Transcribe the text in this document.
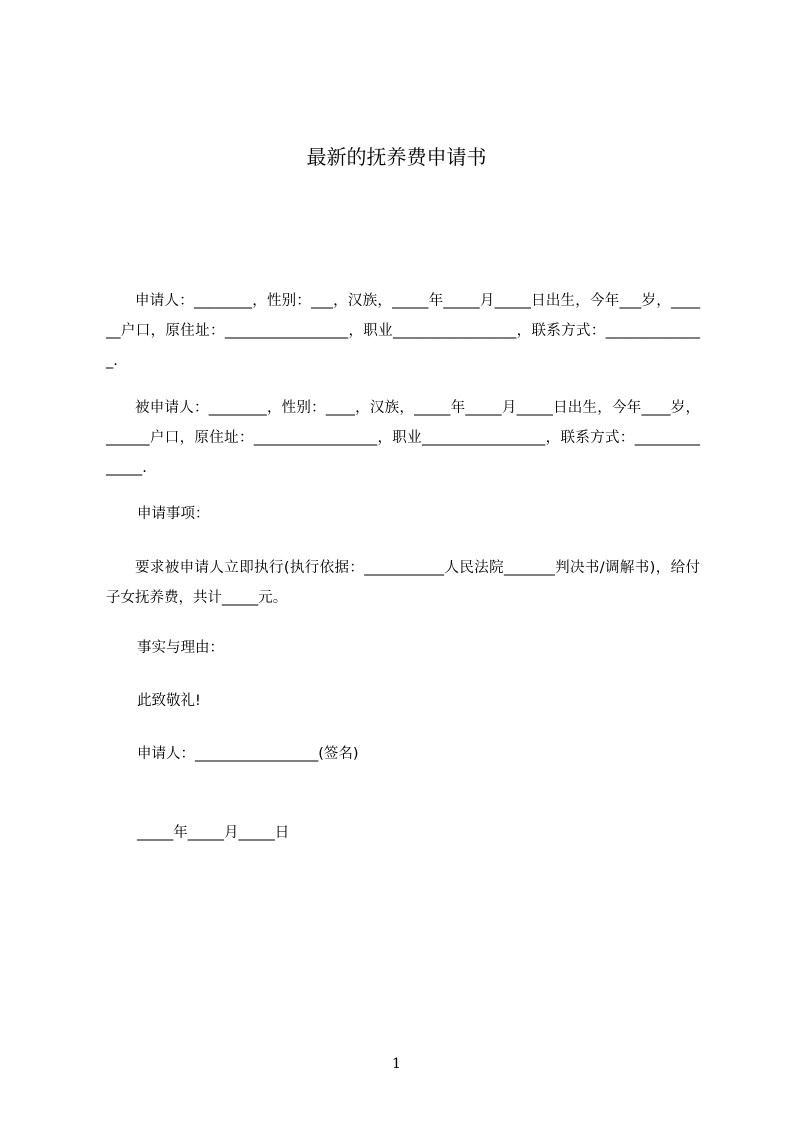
最新的抚养费申请书

申请人：________，性别：___，汉族，_____年_____月_____日出生，今年___岁，______户口，原住址：_________________，职业_________________，联系方式：______________.

被申请人：________，性别：____，汉族，_____年_____月_____日出生，今年____岁，______户口，原住址：_________________，职业_________________，联系方式：______________.

申请事项：

要求被申请人立即执行(执行依据：___________人民法院_______判决书/调解书)，给付子女抚养费，共计_____元。

事实与理由：

此致敬礼!

申请人：_________________(签名)

_____年_____月_____日

1
